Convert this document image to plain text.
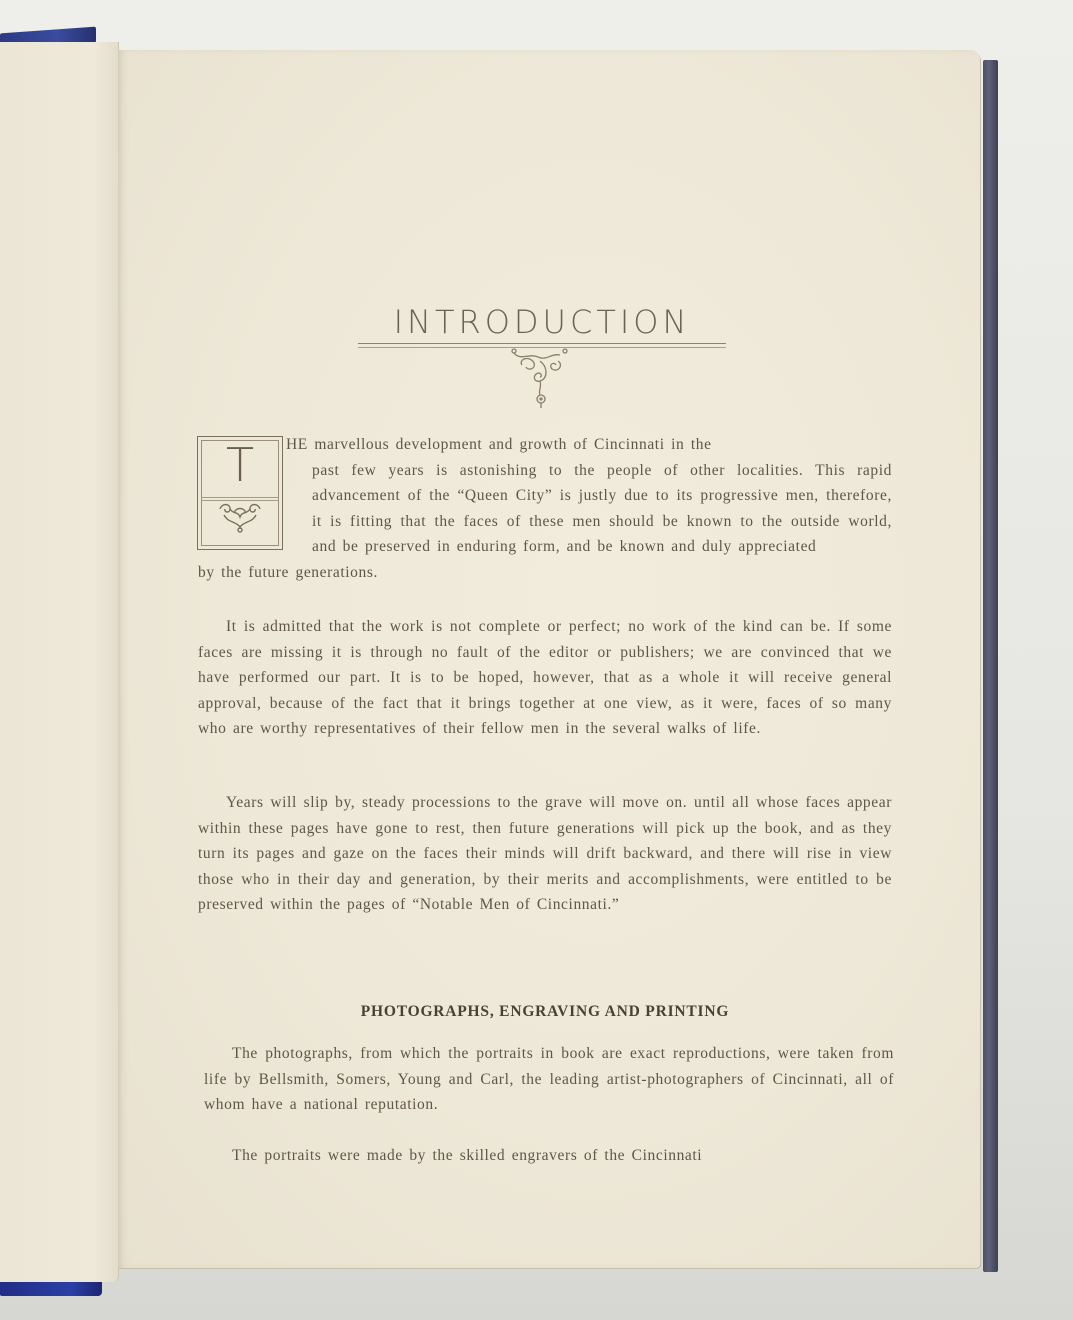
INTRODUCTION
T	HE marvellous development and growth of Cincinnati in the

past few years is astonishing to the people of other localities. This rapid advancement of the “Queen City” is justly due to its progressive men, therefore, it is fitting that the faces of these men should be known to the outside world, and be preserved in enduring form, and be known and duly appreciated

by the future generations.

It is admitted that the work is not complete or perfect; no work of the kind can be. If some faces are missing it is through no fault of the editor or publishers; we are convinced that we have performed our part. It is to be hoped, however, that as a whole it will receive general approval, because of the fact that it brings together at one view, as it were, faces of so many who are worthy representatives of their fellow men in the several walks of life.

Years will slip by, steady processions to the grave will move on. until all whose faces appear within these pages have gone to rest, then future generations will pick up the book, and as they turn its pages and gaze on the faces their minds will drift backward, and there will rise in view those who in their day and generation, by their merits and accomplishments, were entitled to be preserved within the pages of “Notable Men of Cincinnati.”

PHOTOGRAPHS, ENGRAVING AND PRINTING

The photographs, from which the portraits in book are exact reproductions, were taken from life by Bellsmith, Somers, Young and Carl, the leading artist-photographers of Cincinnati, all of whom have a national reputation.

The portraits were made by the skilled engravers of the Cincinnati
